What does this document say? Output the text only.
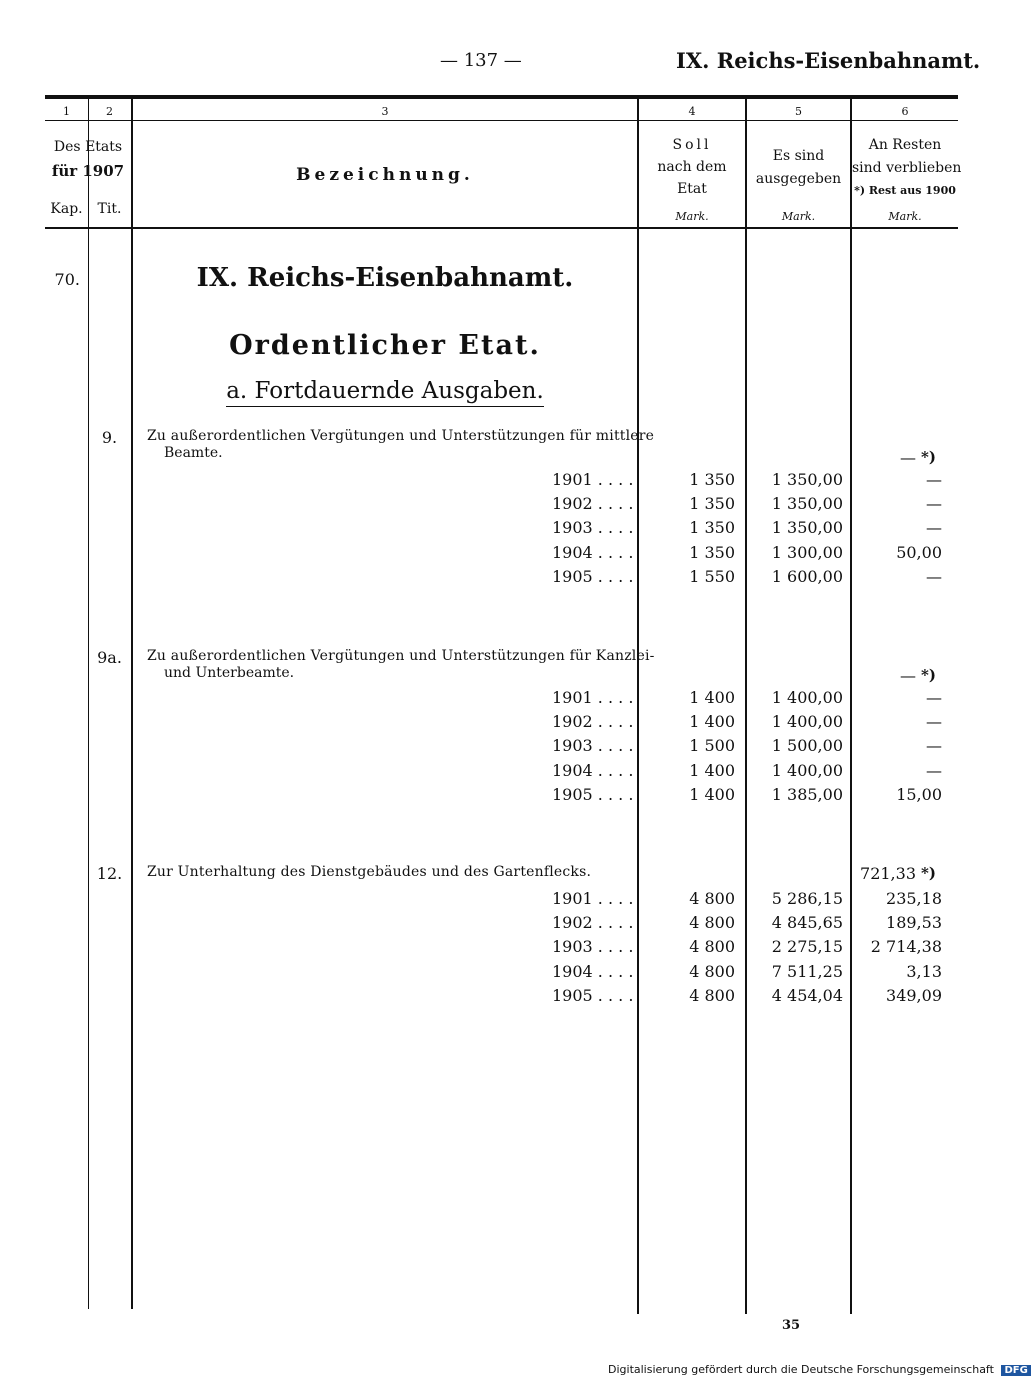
— 137 —	IX. Reichs-Eisenbahnamt.
1	2	3	4	5	6
Des Etats
für 1907
Kap.	Tit.
Bezeichnung.
Soll
nach dem
Etat
Mark.
Es sind
ausgegeben
Mark.
An Resten
sind verblieben
*) Rest aus 1900
Mark.
70.	IX. Reichs-Eisenbahnamt.
Ordentlicher Etat.
a. Fortdauernde Ausgaben.
9.	Zu außerordentlichen Vergütungen und Unterstützungen für mittlere
Beamte.	— *)
1901 . . . .	1 350	1 350,00	—
1902 . . . .	1 350	1 350,00	—
1903 . . . .	1 350	1 350,00	—
1904 . . . .	1 350	1 300,00	50,00
1905 . . . .	1 550	1 600,00	—
9a.	Zu außerordentlichen Vergütungen und Unterstützungen für Kanzlei-
und Unterbeamte.	— *)
1901 . . . .	1 400	1 400,00	—
1902 . . . .	1 400	1 400,00	—
1903 . . . .	1 500	1 500,00	—
1904 . . . .	1 400	1 400,00	—
1905 . . . .	1 400	1 385,00	15,00
12.	Zur Unterhaltung des Dienstgebäudes und des Gartenflecks.	721,33 *)
1901 . . . .	4 800	5 286,15	235,18
1902 . . . .	4 800	4 845,65	189,53
1903 . . . .	4 800	2 275,15	2 714,38
1904 . . . .	4 800	7 511,25	3,13
1905 . . . .	4 800	4 454,04	349,09
35
Digitalisierung gefördert durch die Deutsche Forschungsgemeinschaft DFG
